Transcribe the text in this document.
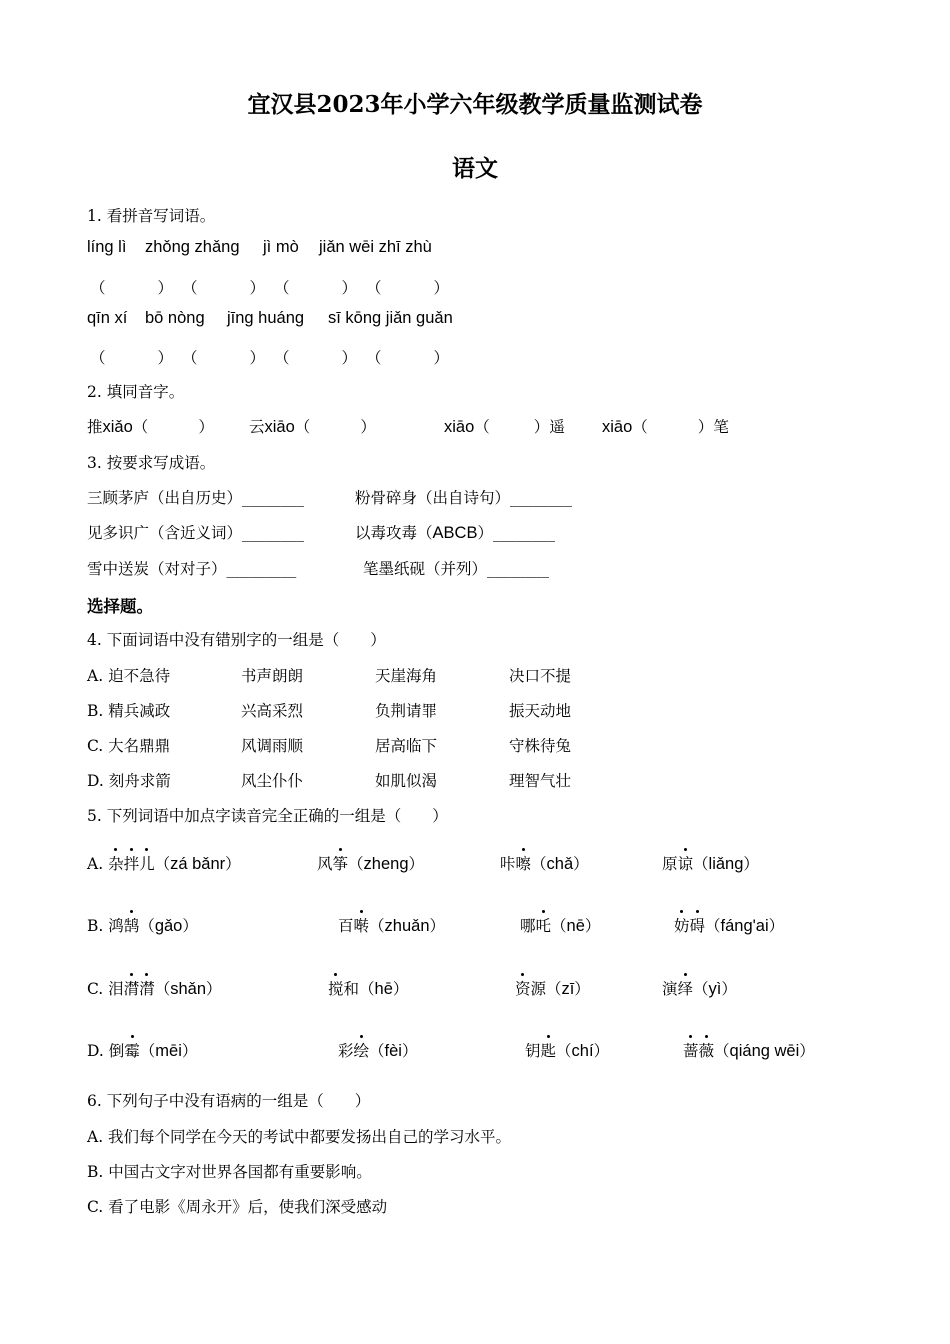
宜汉县2023年小学六年级教学质量监测试卷
语文
1. 看拼音写词语。
líng lì zhǒng zhǎng jì mò jiǎn wēi zhī zhù
（	） （	） （	） （	）
qīn xí bō nòng jīng huáng sī kōng jiǎn guǎn
（	） （	） （	） （	）
2. 填同音字。
推xiǎo（	） 云xiāo（	）	xiāo（	）遥 xiāo（	）笔
3. 按要求写成语。
三顾茅庐（出自历史）________	粉骨碎身（出自诗句）________
见多识广（含近义词）________	以毒攻毒（ABCB）________
雪中送炭（对对子）_________	笔墨纸砚（并列）________
选择题。
4. 下面词语中没有错别字的一组是（　　）
A. 迫不急待	书声朗朗	天崖海角	决口不提
B. 精兵减政	兴高采烈	负荆请罪	振天动地
C. 大名鼎鼎	风调雨顺	居高临下	守株待兔
D. 刻舟求箭	风尘仆仆	如肌似渴	理智气壮
5. 下列词语中加点字读音完全正确的一组是（　　）
A. 杂拌儿（zá bǎnr）	风筝（zheng）	咔嚓（chǎ）	原谅（liǎng）
B. 鸿鹄（gǎo）	百啭（zhuǎn）	哪吒（nē）	妨碍（fáng'ai）
C. 泪潸潸（shǎn）	搅和（hē）	资源（zī）	演绎（yì）
D. 倒霉（mēi）	彩绘（fèi）	钥匙（chí）	蔷薇（qiáng wēi）
6. 下列句子中没有语病的一组是（　　）
A. 我们每个同学在今天的考试中都要发扬出自己的学习水平。
B. 中国古文字对世界各国都有重要影响。
C. 看了电影《周永开》后，使我们深受感动
